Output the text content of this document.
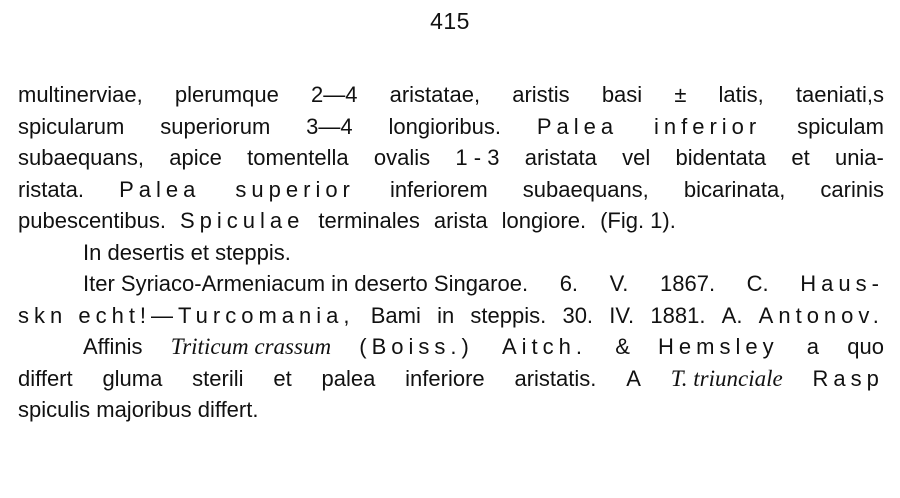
415
multinerviae, plerumque 2—4 aristatae, aristis basi ± latis, taeniati,s
spicularum superiorum 3—4 longioribus. Palea inferior spiculam
subaequans, apice tomentella ovalis 1 - 3 aristata vel bidentata et unia-
ristata. Palea superior inferiorem subaequans, bicarinata, carinis
pubescentibus. Spiculae terminales arista longiore. (Fig. 1).
In desertis et steppis.
Iter Syriaco-Armeniacum in deserto Singaroe. 6. V. 1867. C. Haus-
skn echt!—Turcomania, Bami in steppis. 30. IV. 1881. A. Antonov.
Affinis Triticum crassum (Boiss.) Aitch. & Hemsley a quo
differt gluma sterili et palea inferiore aristatis. A T. triunciale Rasp
spiculis majoribus differt.
